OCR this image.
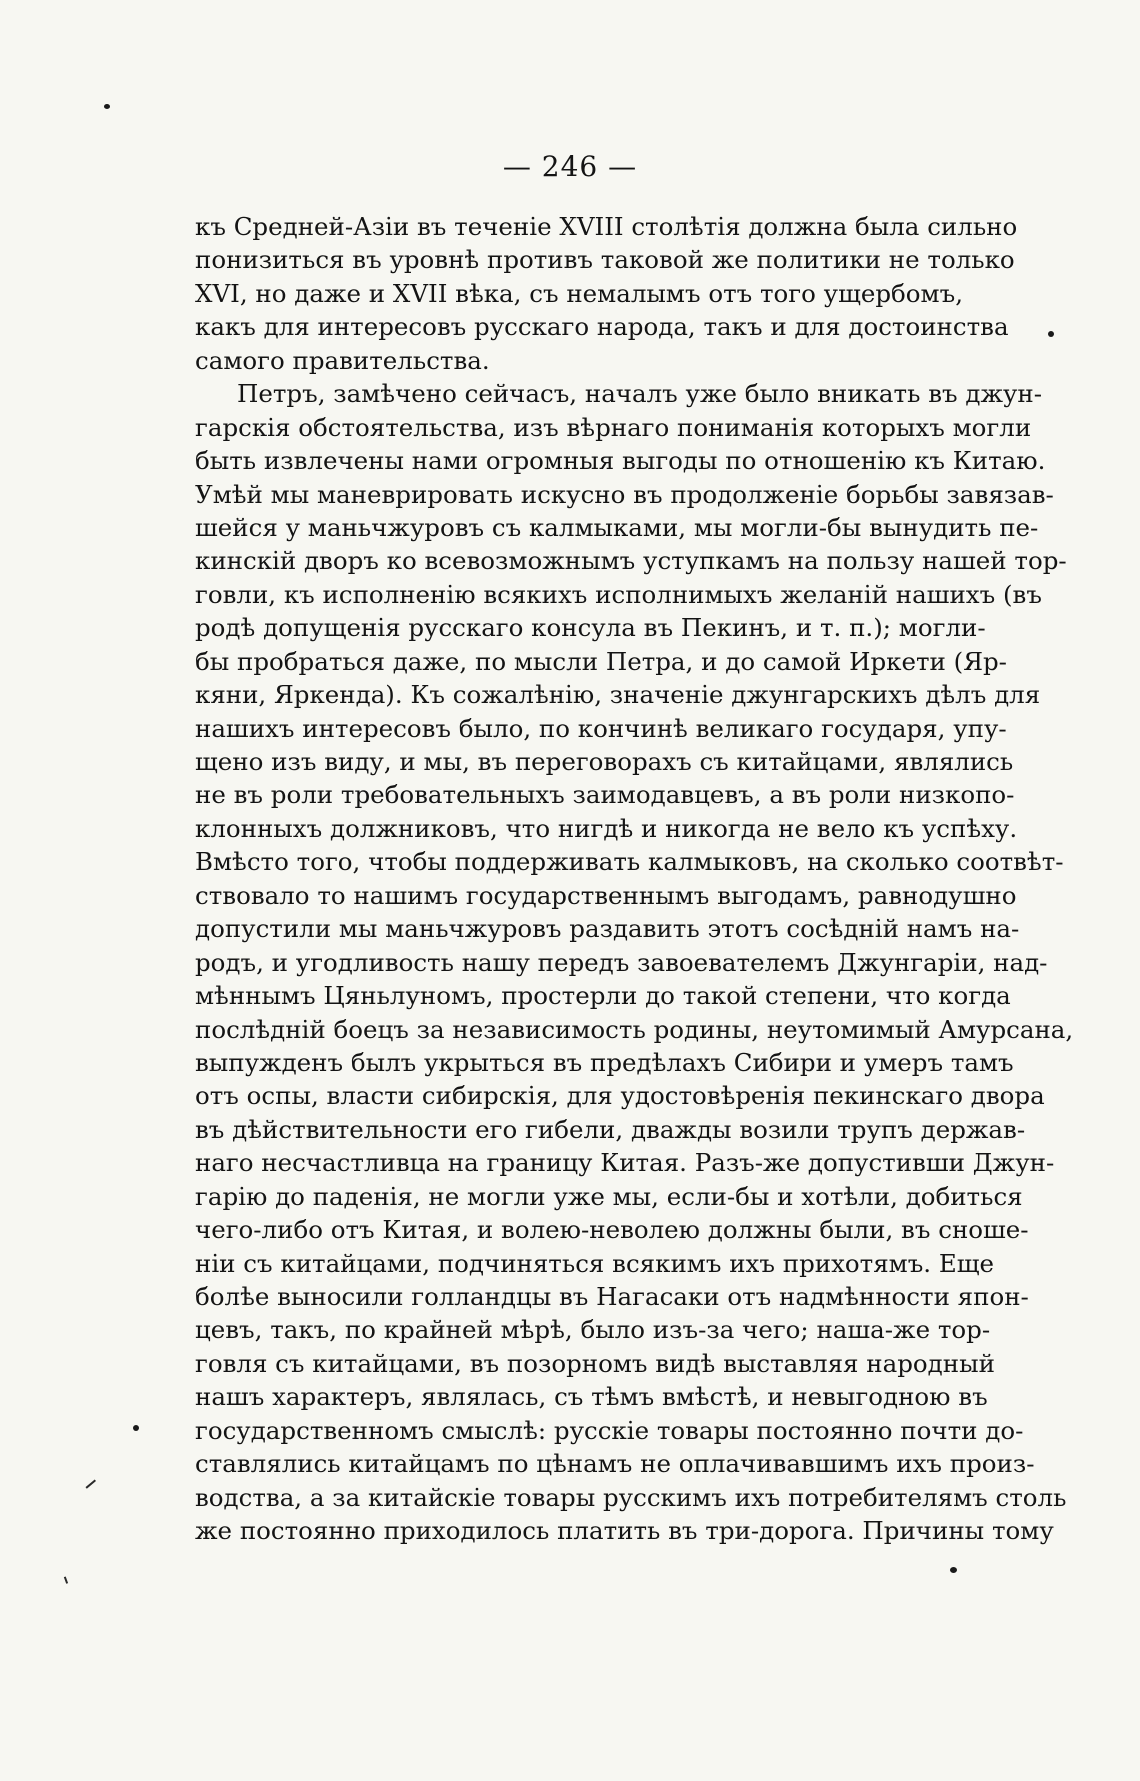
— 246 —
къ Средней-Азіи въ теченіе XVIII столѣтія должна была сильно
понизиться въ уровнѣ противъ таковой же политики не только
XVI, но даже и XVII вѣка, съ немалымъ отъ того ущербомъ,
какъ для интересовъ русскаго народа, такъ и для достоинства
самого правительства.
Петръ, замѣчено сейчасъ, началъ уже было вникать въ джун-
гарскія обстоятельства, изъ вѣрнаго пониманія которыхъ могли
быть извлечены нами огромныя выгоды по отношенію къ Китаю.
Умѣй мы маневрировать искусно въ продолженіе борьбы завязав-
шейся у маньчжуровъ съ калмыками, мы могли-бы вынудить пе-
кинскій дворъ ко всевозможнымъ уступкамъ на пользу нашей тор-
говли, къ исполненію всякихъ исполнимыхъ желаній нашихъ (въ
родѣ допущенія русскаго консула въ Пекинъ, и т. п.); могли-
бы пробраться даже, по мысли Петра, и до самой Иркети (Яр-
кяни, Яркенда). Къ сожалѣнію, значеніе джунгарскихъ дѣлъ для
нашихъ интересовъ было, по кончинѣ великаго государя, упу-
щено изъ виду, и мы, въ переговорахъ съ китайцами, являлись
не въ роли требовательныхъ заимодавцевъ, а въ роли низкопо-
клонныхъ должниковъ, что нигдѣ и никогда не вело къ успѣху.
Вмѣсто того, чтобы поддерживать калмыковъ, на сколько соотвѣт-
ствовало то нашимъ государственнымъ выгодамъ, равнодушно
допустили мы маньчжуровъ раздавить этотъ сосѣдній намъ на-
родъ, и угодливость нашу передъ завоевателемъ Джунгаріи, над-
мѣннымъ Цяньлуномъ, простерли до такой степени, что когда
послѣдній боецъ за независимость родины, неутомимый Амурсана,
выпужденъ былъ укрыться въ предѣлахъ Сибири и умеръ тамъ
отъ оспы, власти сибирскія, для удостовѣренія пекинскаго двора
въ дѣйствительности его гибели, дважды возили трупъ держав-
наго несчастливца на границу Китая. Разъ-же допустивши Джун-
гарію до паденія, не могли уже мы, если-бы и хотѣли, добиться
чего-либо отъ Китая, и волею-неволею должны были, въ сноше-
ніи съ китайцами, подчиняться всякимъ ихъ прихотямъ. Еще
болѣе выносили голландцы въ Нагасаки отъ надмѣнности япон-
цевъ, такъ, по крайней мѣрѣ, было изъ-за чего; наша-же тор-
говля съ китайцами, въ позорномъ видѣ выставляя народный
нашъ характеръ, являлась, съ тѣмъ вмѣстѣ, и невыгодною въ
государственномъ смыслѣ: русскіе товары постоянно почти до-
ставлялись китайцамъ по цѣнамъ не оплачивавшимъ ихъ произ-
водства, а за китайскіе товары русскимъ ихъ потребителямъ столь
же постоянно приходилось платить въ три-дорога. Причины тому
